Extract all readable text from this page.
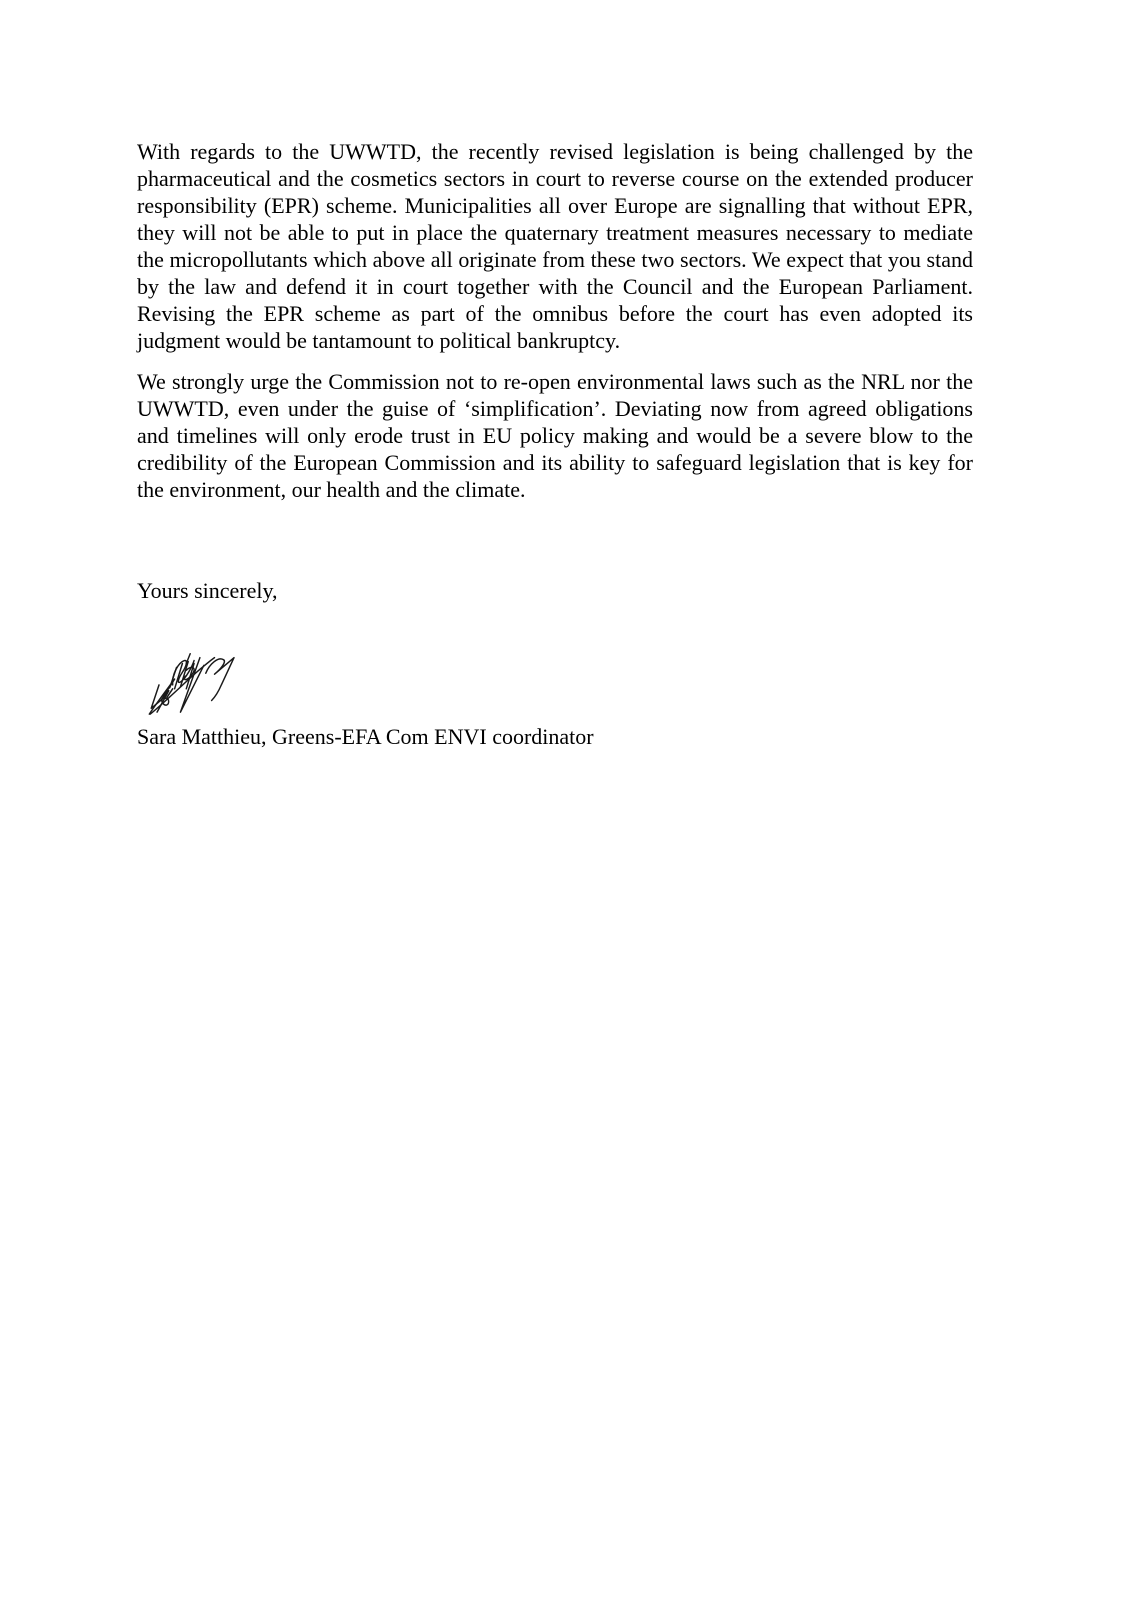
With regards to the UWWTD, the recently revised legislation is being challenged by the pharmaceutical and the cosmetics sectors in court to reverse course on the extended producer responsibility (EPR) scheme. Municipalities all over Europe are signalling that without EPR, they will not be able to put in place the quaternary treatment measures necessary to mediate the micropollutants which above all originate from these two sectors. We expect that you stand by the law and defend it in court together with the Council and the European Parliament. Revising the EPR scheme as part of the omnibus before the court has even adopted its judgment would be tantamount to political bankruptcy.

We strongly urge the Commission not to re-open environmental laws such as the NRL nor the UWWTD, even under the guise of ‘simplification’. Deviating now from agreed obligations and timelines will only erode trust in EU policy making and would be a severe blow to the credibility of the European Commission and its ability to safeguard legislation that is key for the environment, our health and the climate.

Yours sincerely,

Sara Matthieu, Greens-EFA Com ENVI coordinator
